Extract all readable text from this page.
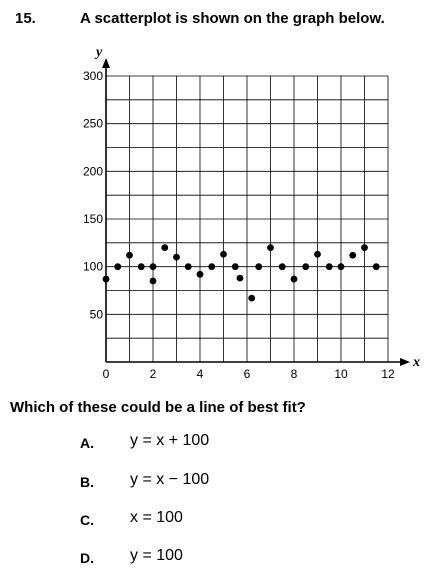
15.	A scatterplot is shown on the graph below.
0	2	4	6	8	10	12
50
100
150
200
250
300
x
y
Which of these could be a line of best fit?
A. y = x + 100
B. y = x − 100
C. x = 100
D. y = 100
